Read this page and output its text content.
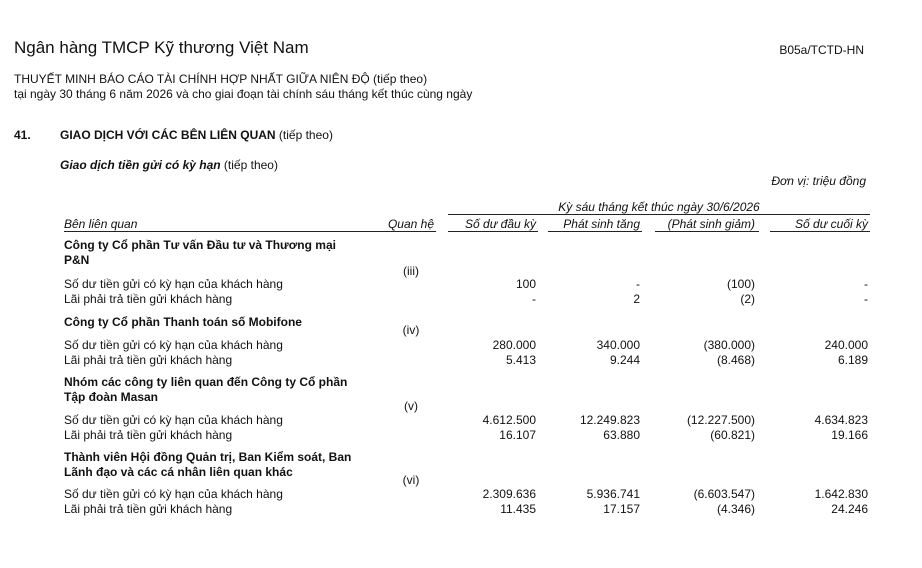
Ngân hàng TMCP Kỹ thương Việt Nam	B05a/TCTD-HN
THUYẾT MINH BÁO CÁO TÀI CHÍNH HỢP NHẤT GIỮA NIÊN ĐỘ (tiếp theo)
tại ngày 30 tháng 6 năm 2026 và cho giai đoạn tài chính sáu tháng kết thúc cùng ngày
41. GIAO DỊCH VỚI CÁC BÊN LIÊN QUAN (tiếp theo)
Giao dịch tiền gửi có kỳ hạn (tiếp theo)
Đơn vị: triệu đồng
Kỳ sáu tháng kết thúc ngày 30/6/2026
Bên liên quan	Quan hệ	Số dư đầu kỳ	Phát sinh tăng	(Phát sinh giảm)	Số dư cuối kỳ
Công ty Cổ phần Tư vấn Đầu tư và Thương mại P&N
(iii)
Số dư tiền gửi có kỳ hạn của khách hàng	100	-	(100)	-
Lãi phải trả tiền gửi khách hàng	-	2	(2)	-
Công ty Cổ phần Thanh toán số Mobifone
(iv)
Số dư tiền gửi có kỳ hạn của khách hàng	280.000	340.000	(380.000)	240.000
Lãi phải trả tiền gửi khách hàng	5.413	9.244	(8.468)	6.189
Nhóm các công ty liên quan đến Công ty Cổ phần Tập đoàn Masan
(v)
Số dư tiền gửi có kỳ hạn của khách hàng	4.612.500	12.249.823	(12.227.500)	4.634.823
Lãi phải trả tiền gửi khách hàng	16.107	63.880	(60.821)	19.166
Thành viên Hội đồng Quản trị, Ban Kiểm soát, Ban Lãnh đạo và các cá nhân liên quan khác
(vi)
Số dư tiền gửi có kỳ hạn của khách hàng	2.309.636	5.936.741	(6.603.547)	1.642.830
Lãi phải trả tiền gửi khách hàng	11.435	17.157	(4.346)	24.246
